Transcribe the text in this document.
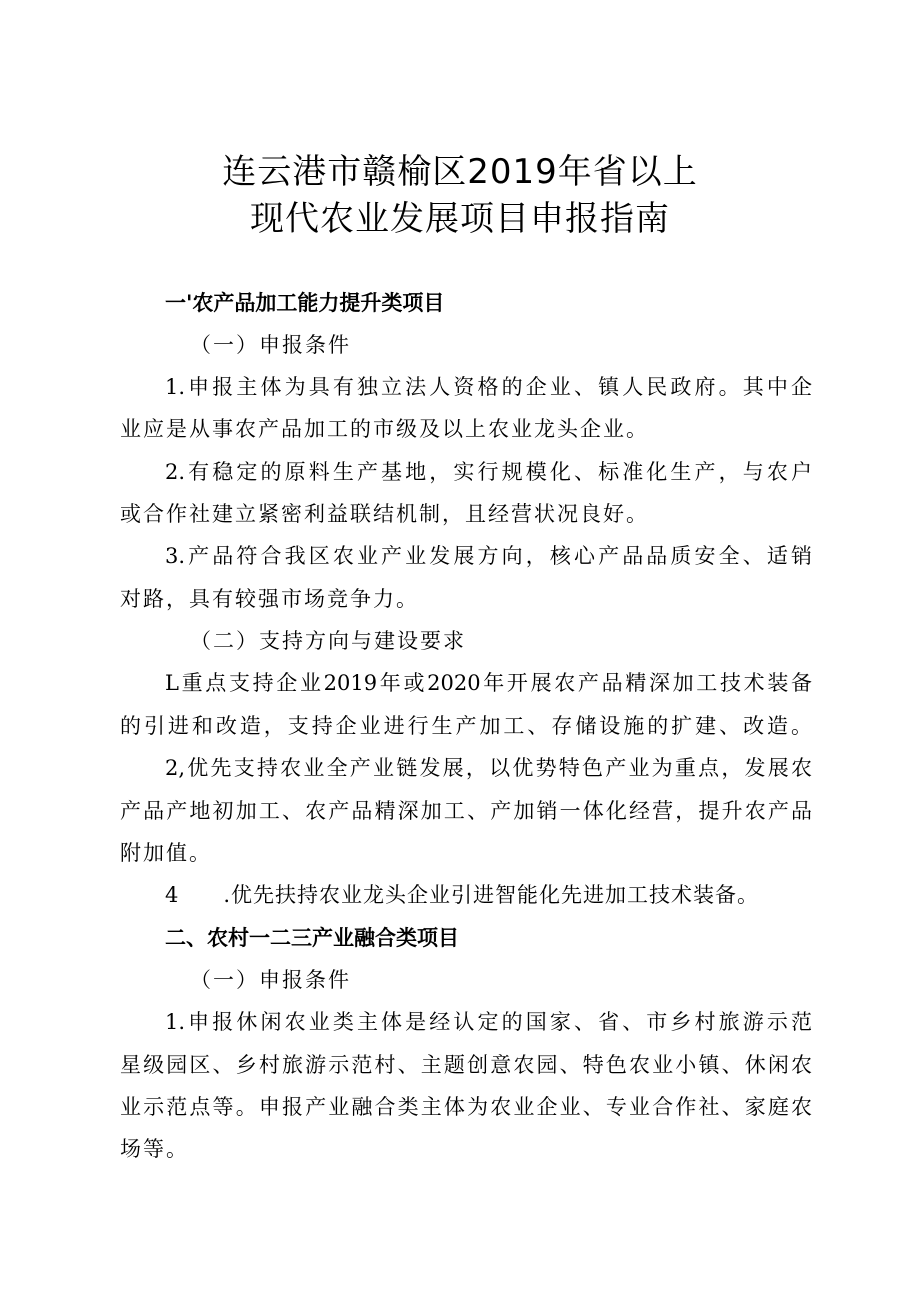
连云港市赣榆区2019年省以上
现代农业发展项目申报指南
一'农产品加工能力提升类项目
（一）申报条件
1.申报主体为具有独立法人资格的企业、镇人民政府。其中企
业应是从事农产品加工的市级及以上农业龙头企业。
2.有稳定的原料生产基地，实行规模化、标准化生产，与农户
或合作社建立紧密利益联结机制，且经营状况良好。
3.产品符合我区农业产业发展方向，核心产品品质安全、适销
对路，具有较强市场竞争力。
（二）支持方向与建设要求
L重点支持企业2019年或2020年开展农产品精深加工技术装备
的引进和改造，支持企业进行生产加工、存储设施的扩建、改造。
2,优先支持农业全产业链发展，以优势特色产业为重点，发展农
产品产地初加工、农产品精深加工、产加销一体化经营，提升农产品
附加值。
4　　.优先扶持农业龙头企业引进智能化先进加工技术装备。
二、农村一二三产业融合类项目
（一）申报条件
1.申报休闲农业类主体是经认定的国家、省、市乡村旅游示范
星级园区、乡村旅游示范村、主题创意农园、特色农业小镇、休闲农
业示范点等。申报产业融合类主体为农业企业、专业合作社、家庭农
场等。
